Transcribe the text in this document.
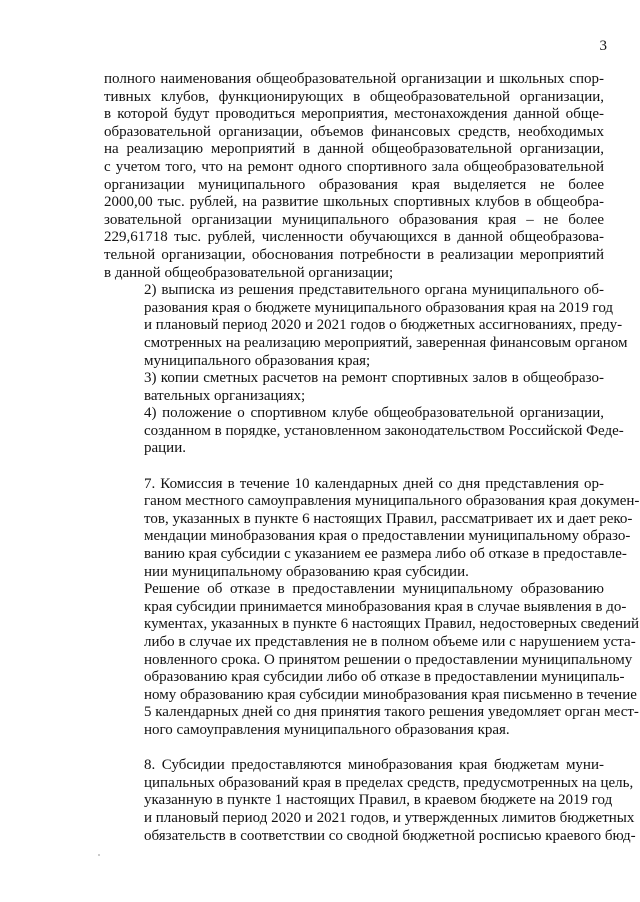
3

полного наименования общеобразовательной организации и школьных спор-
тивных клубов, функционирующих в общеобразовательной организации,
в которой будут проводиться мероприятия, местонахождения данной обще-
образовательной организации, объемов финансовых средств, необходимых
на реализацию мероприятий в данной общеобразовательной организации,
с учетом того, что на ремонт одного спортивного зала общеобразовательной
организации муниципального образования края выделяется не более
2000,00 тыс. рублей, на развитие школьных спортивных клубов в общеобра-
зовательной организации муниципального образования края – не более
229,61718 тыс. рублей, численности обучающихся в данной общеобразова-
тельной организации, обоснования потребности в реализации мероприятий
в данной общеобразовательной организации;

2) выписка из решения представительного органа муниципального об-
разования края о бюджете муниципального образования края на 2019 год
и плановый период 2020 и 2021 годов о бюджетных ассигнованиях, преду-
смотренных на реализацию мероприятий, заверенная финансовым органом
муниципального образования края;

3) копии сметных расчетов на ремонт спортивных залов в общеобразо-
вательных организациях;

4) положение о спортивном клубе общеобразовательной организации,
созданном в порядке, установленном законодательством Российской Феде-
рации.

7. Комиссия в течение 10 календарных дней со дня представления ор-
ганом местного самоуправления муниципального образования края докумен-
тов, указанных в пункте 6 настоящих Правил, рассматривает их и дает реко-
мендации минобразования края о предоставлении муниципальному образо-
ванию края субсидии с указанием ее размера либо об отказе в предоставле-
нии муниципальному образованию края субсидии.

Решение об отказе в предоставлении муниципальному образованию
края субсидии принимается минобразования края в случае выявления в до-
кументах, указанных в пункте 6 настоящих Правил, недостоверных сведений
либо в случае их представления не в полном объеме или с нарушением уста-
новленного срока. О принятом решении о предоставлении муниципальному
образованию края субсидии либо об отказе в предоставлении муниципаль-
ному образованию края субсидии минобразования края письменно в течение
5 календарных дней со дня принятия такого решения уведомляет орган мест-
ного самоуправления муниципального образования края.

8. Субсидии предоставляются минобразования края бюджетам муни-
ципальных образований края в пределах средств, предусмотренных на цель,
указанную в пункте 1 настоящих Правил, в краевом бюджете на 2019 год
и плановый период 2020 и 2021 годов, и утвержденных лимитов бюджетных
обязательств в соответствии со сводной бюджетной росписью краевого бюд-
